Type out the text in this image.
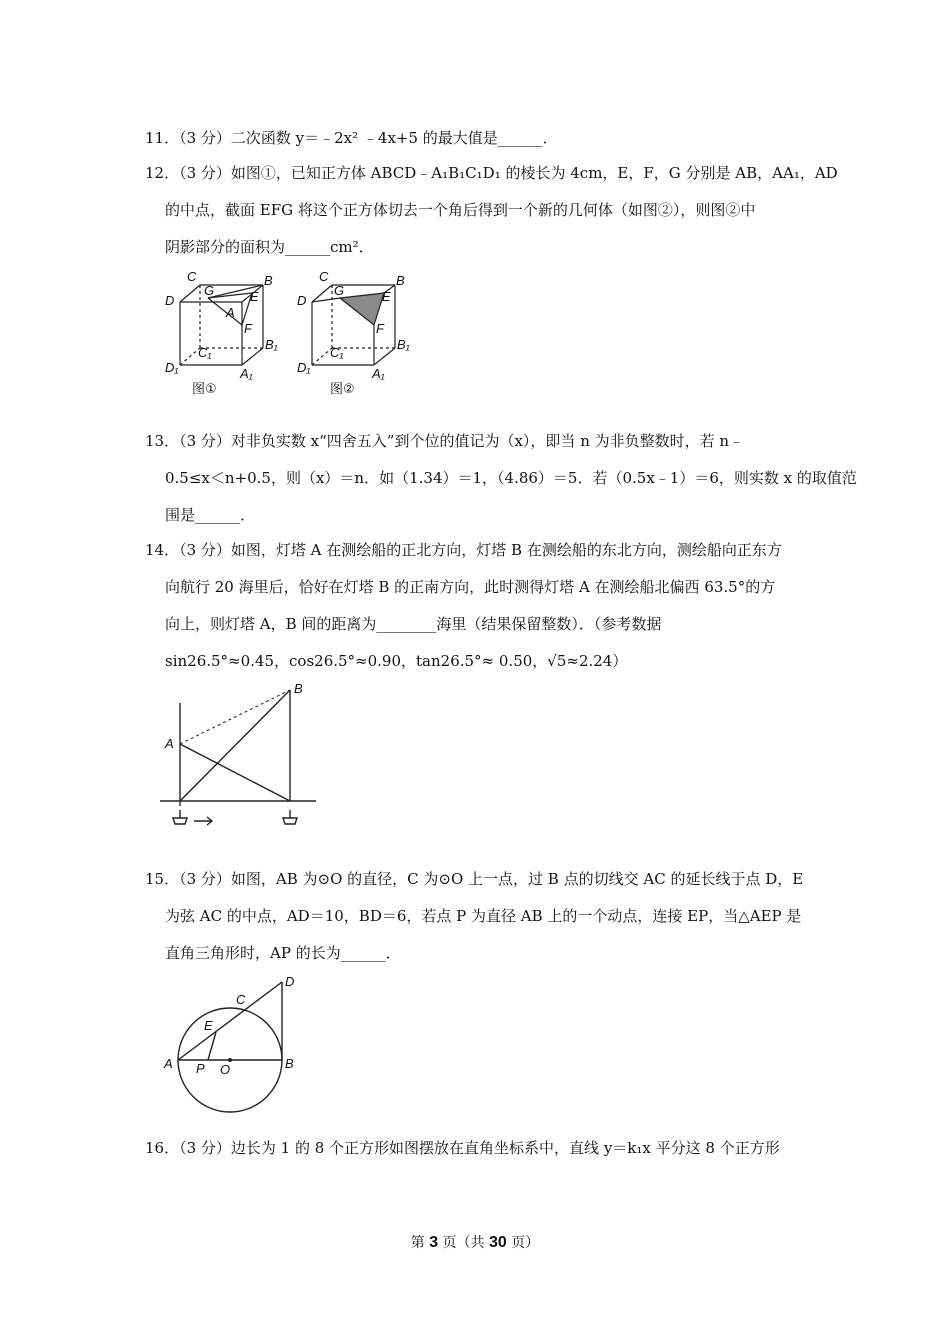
11．（3 分）二次函数 y＝﹣2x² ﹣4x+5 的最大值是______．
12．（3 分）如图①，已知正方体 ABCD﹣A₁B₁C₁D₁ 的棱长为 4cm，E，F，G 分别是 AB，AA₁，AD
的中点，截面 EFG 将这个正方体切去一个角后得到一个新的几何体（如图②），则图②中
阴影部分的面积为______cm²．
C	B
D
G	E
A
F
C₁
B₁
D₁	A₁
图①
C	B
D
G	E
F
C₁
B₁
D₁	A₁
图②
13．（3 分）对非负实数 x“四舍五入”到个位的值记为（x），即当 n 为非负整数时，若 n﹣
0.5≤x＜n+0.5，则（x）＝n．如（1.34）＝1，（4.86）＝5．若（0.5x﹣1）＝6，则实数 x 的取值范
围是______．
14．（3 分）如图，灯塔 A 在测绘船的正北方向，灯塔 B 在测绘船的东北方向，测绘船向正东方
向航行 20 海里后，恰好在灯塔 B 的正南方向，此时测得灯塔 A 在测绘船北偏西 63.5°的方
向上，则灯塔 A，B 间的距离为________海里（结果保留整数）．（参考数据
sin26.5°≈0.45，cos26.5°≈0.90，tan26.5°≈ 0.50，√5≈2.24）
A
B
15．（3 分）如图，AB 为⊙O 的直径，C 为⊙O 上一点，过 B 点的切线交 AC 的延长线于点 D，E
为弦 AC 的中点，AD＝10，BD＝6，若点 P 为直径 AB 上的一个动点，连接 EP，当△AEP 是
直角三角形时，AP 的长为______．
D
C
E
A P O	B
16．（3 分）边长为 1 的 8 个正方形如图摆放在直角坐标系中，直线 y＝k₁x 平分这 8 个正方形
第 3 页（共 30 页）
